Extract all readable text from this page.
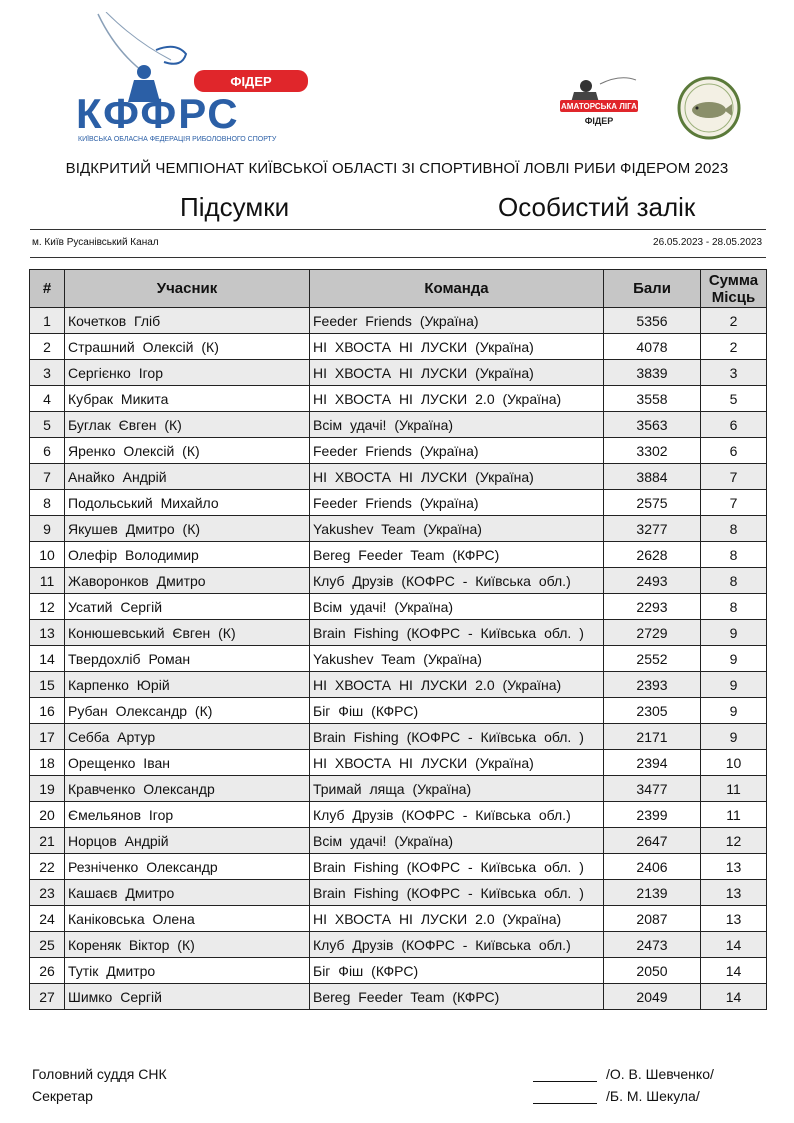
ФІДЕР
КФФРС
КИЇВСЬКА ОБЛАСНА ФЕДЕРАЦІЯ РИБОЛОВНОГО СПОРТУ
АМАТОРСЬКА ЛІГА
ФІДЕР
ВІДКРИТИЙ ЧЕМПІОНАТ КИЇВСЬКОЇ ОБЛАСТІ ЗІ СПОРТИВНОЇ ЛОВЛІ РИБИ ФІДЕРОМ 2023
Підсумки	Особистий залік
м. Київ Русанівський Канал	26.05.2023 - 28.05.2023
#	Учасник	Команда	Бали	Сумма
Місць
1	Кочетков Гліб	Feeder Friends (Україна)	5356	2
2	Страшний Олексій (К)	НІ ХВОСТА НІ ЛУСКИ (Україна)	4078	2
3	Сергієнко Ігор	НІ ХВОСТА НІ ЛУСКИ (Україна)	3839	3
4	Кубрак Микита	НІ ХВОСТА НІ ЛУСКИ 2.0 (Україна)	3558	5
5	Буглак Євген (К)	Всім удачі! (Україна)	3563	6
6	Яренко Олексій (К)	Feeder Friends (Україна)	3302	6
7	Анайко Андрій	НІ ХВОСТА НІ ЛУСКИ (Україна)	3884	7
8	Подольський Михайло	Feeder Friends (Україна)	2575	7
9	Якушев Дмитро (К)	Yakushev Team (Україна)	3277	8
10	Олефір Володимир	Bereg Feeder Team (КФРС)	2628	8
11	Жаворонков Дмитро	Клуб Друзів (КОФРС - Київська обл.)	2493	8
12	Усатий Сергій	Всім удачі! (Україна)	2293	8
13	Конюшевський Євген (К)	Brain Fishing (КОФРС - Київська обл. )	2729	9
14	Твердохліб Роман	Yakushev Team (Україна)	2552	9
15	Карпенко Юрій	НІ ХВОСТА НІ ЛУСКИ 2.0 (Україна)	2393	9
16	Рубан Олександр (К)	Біг Фіш (КФРС)	2305	9
17	Себба Артур	Brain Fishing (КОФРС - Київська обл. )	2171	9
18	Орещенко Іван	НІ ХВОСТА НІ ЛУСКИ (Україна)	2394	10
19	Кравченко Олександр	Тримай ляща (Україна)	3477	11
20	Ємельянов Ігор	Клуб Друзів (КОФРС - Київська обл.)	2399	11
21	Норцов Андрій	Всім удачі! (Україна)	2647	12
22	Резніченко Олександр	Brain Fishing (КОФРС - Київська обл. )	2406	13
23	Кашаєв Дмитро	Brain Fishing (КОФРС - Київська обл. )	2139	13
24	Каніковська Олена	НІ ХВОСТА НІ ЛУСКИ 2.0 (Україна)	2087	13
25	Кореняк Віктор (К)	Клуб Друзів (КОФРС - Київська обл.)	2473	14
26	Тутік Дмитро	Біг Фіш (КФРС)	2050	14
27	Шимко Сергій	Bereg Feeder Team (КФРС)	2049	14
Головний суддя СНК	/О. В. Шевченко/
Секретар	/Б. М. Шекула/
